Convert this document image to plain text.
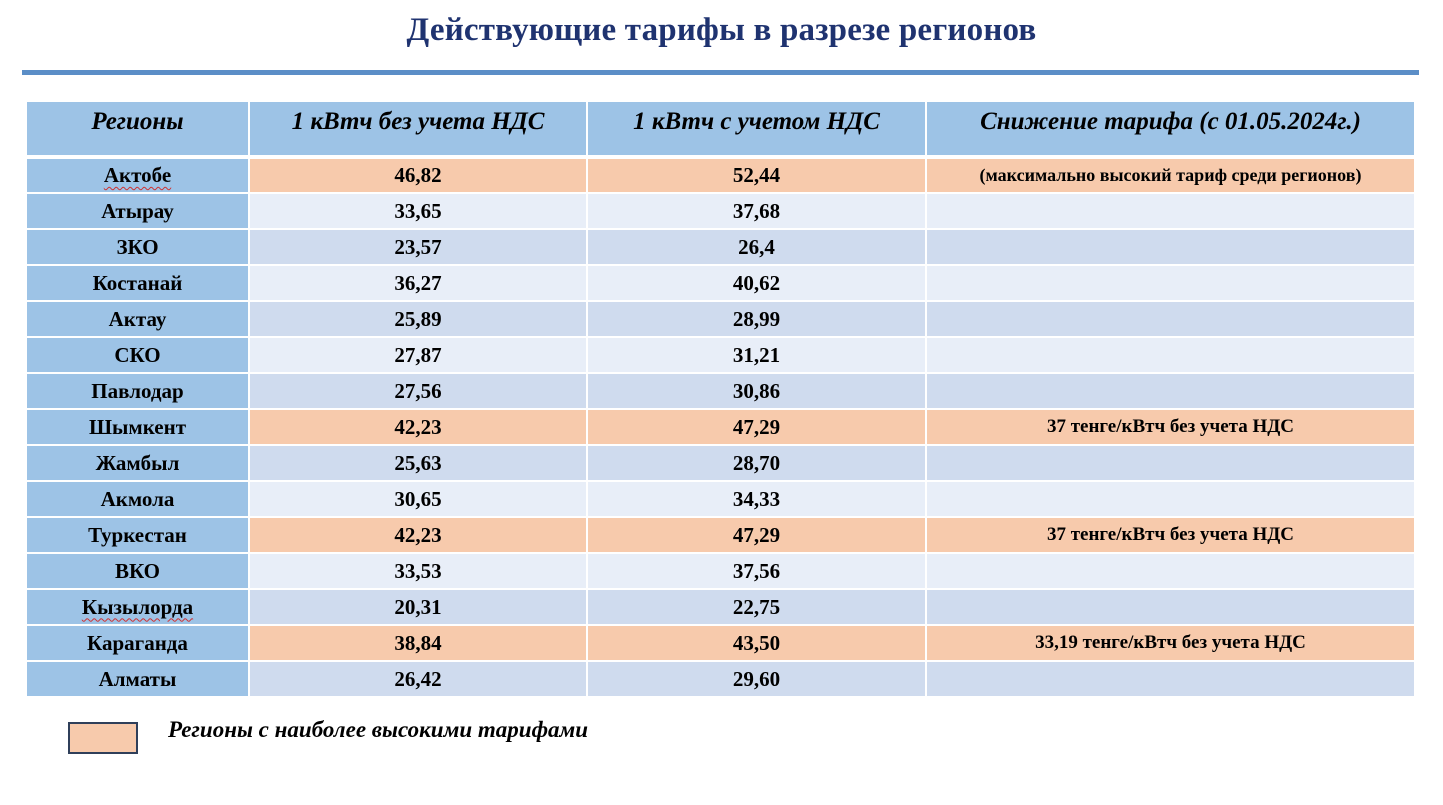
Действующие тарифы в разрезе регионов
Регионы	1 кВтч без учета НДС	1 кВтч с учетом НДС	Снижение тарифа (с 01.05.2024г.)
Актобе	46,82	52,44	(максимально высокий тариф среди регионов)
Атырау	33,65	37,68	
ЗКО	23,57	26,4	
Костанай	36,27	40,62	
Актау	25,89	28,99	
СКО	27,87	31,21	
Павлодар	27,56	30,86	
Шымкент	42,23	47,29	37 тенге/кВтч без учета НДС
Жамбыл	25,63	28,70	
Акмола	30,65	34,33	
Туркестан	42,23	47,29	37 тенге/кВтч без учета НДС
ВКО	33,53	37,56	
Кызылорда	20,31	22,75	
Караганда	38,84	43,50	33,19 тенге/кВтч без учета НДС
Алматы	26,42	29,60	
Регионы с наиболее высокими тарифами
